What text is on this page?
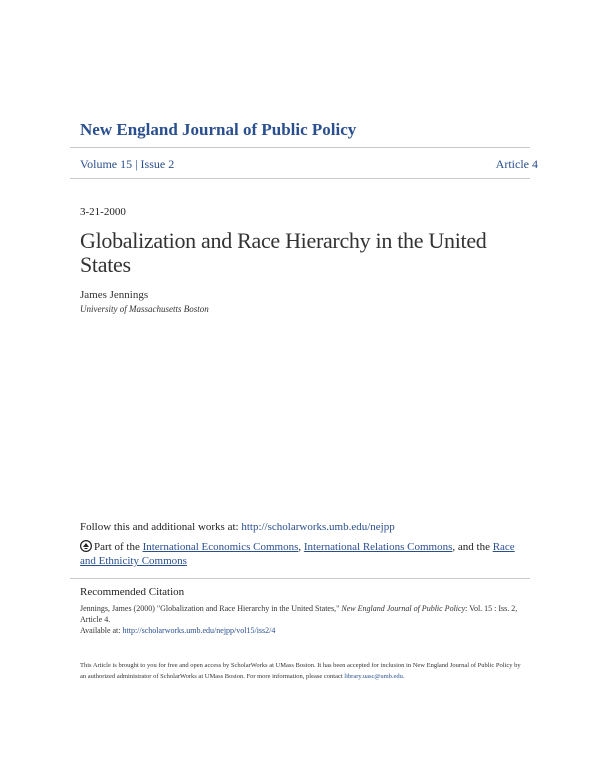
New England Journal of Public Policy
Volume 15 | Issue 2	Article 4
3-21-2000
Globalization and Race Hierarchy in the United States
James Jennings
University of Massachusetts Boston
Follow this and additional works at: http://scholarworks.umb.edu/nejpp
Part of the International Economics Commons, International Relations Commons, and the Race and Ethnicity Commons
Recommended Citation
Jennings, James (2000) "Globalization and Race Hierarchy in the United States," New England Journal of Public Policy: Vol. 15 : Iss. 2, Article 4.
Available at: http://scholarworks.umb.edu/nejpp/vol15/iss2/4
This Article is brought to you for free and open access by ScholarWorks at UMass Boston. It has been accepted for inclusion in New England Journal of Public Policy by an authorized administrator of ScholarWorks at UMass Boston. For more information, please contact library.uasc@umb.edu.
